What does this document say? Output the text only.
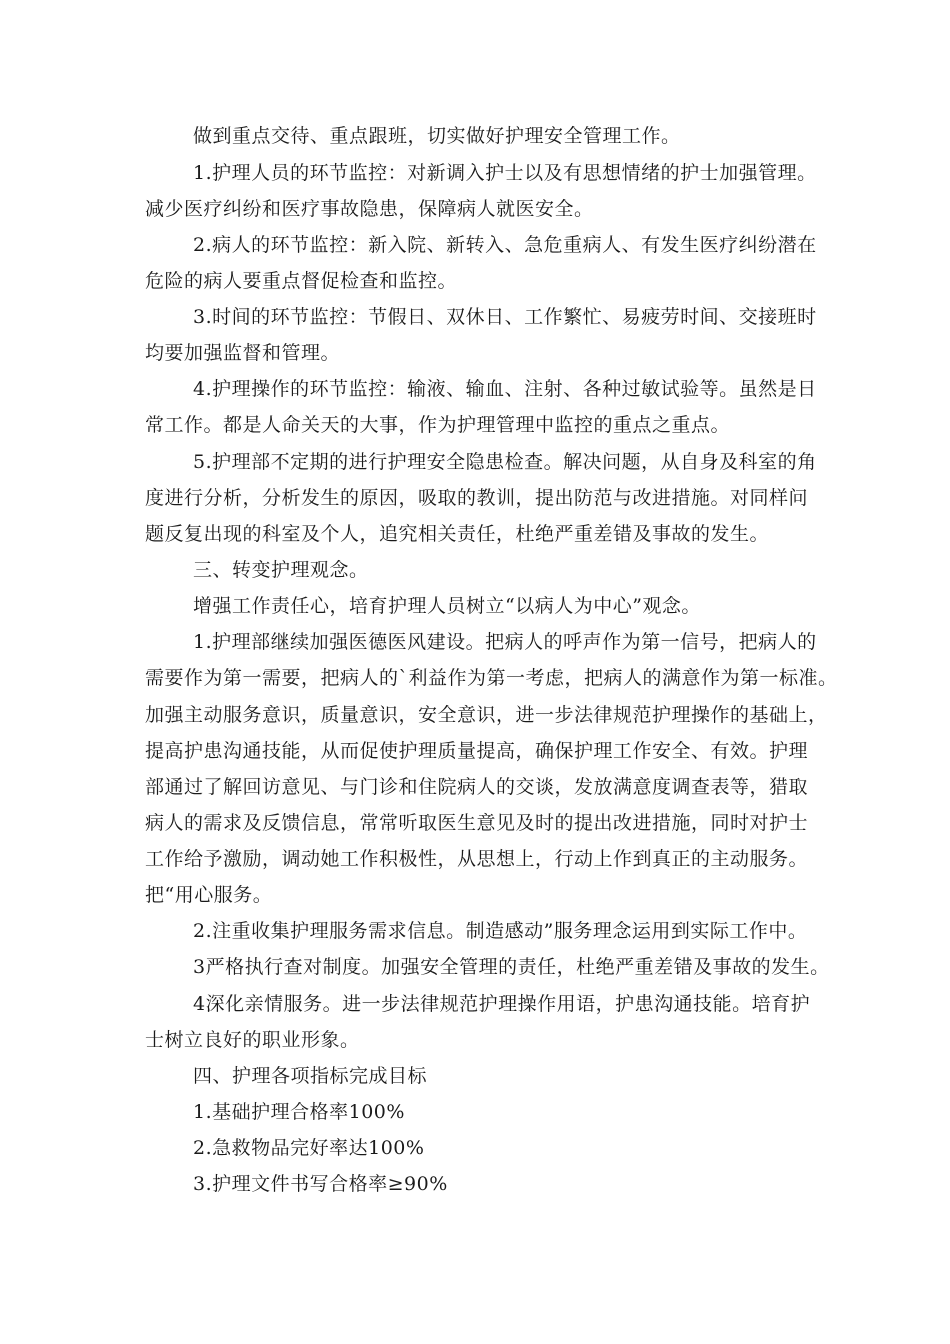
做到重点交待、重点跟班，切实做好护理安全管理工作。
1.护理人员的环节监控：对新调入护士以及有思想情绪的护士加强管理。
减少医疗纠纷和医疗事故隐患，保障病人就医安全。
2.病人的环节监控：新入院、新转入、急危重病人、有发生医疗纠纷潜在
危险的病人要重点督促检查和监控。
3.时间的环节监控：节假日、双休日、工作繁忙、易疲劳时间、交接班时
均要加强监督和管理。
4.护理操作的环节监控：输液、输血、注射、各种过敏试验等。虽然是日
常工作。都是人命关天的大事，作为护理管理中监控的重点之重点。
5.护理部不定期的进行护理安全隐患检查。解决问题，从自身及科室的角
度进行分析，分析发生的原因，吸取的教训，提出防范与改进措施。对同样问
题反复出现的科室及个人，追究相关责任，杜绝严重差错及事故的发生。
三、转变护理观念。
增强工作责任心，培育护理人员树立“以病人为中心”观念。
1.护理部继续加强医德医风建设。把病人的呼声作为第一信号，把病人的
需要作为第一需要，把病人的`利益作为第一考虑，把病人的满意作为第一标准。
加强主动服务意识，质量意识，安全意识，进一步法律规范护理操作的基础上，
提高护患沟通技能，从而促使护理质量提高，确保护理工作安全、有效。护理
部通过了解回访意见、与门诊和住院病人的交谈，发放满意度调查表等，猎取
病人的需求及反馈信息，常常听取医生意见及时的提出改进措施，同时对护士
工作给予激励，调动她工作积极性，从思想上，行动上作到真正的主动服务。
把“用心服务。
2.注重收集护理服务需求信息。制造感动”服务理念运用到实际工作中。
3严格执行查对制度。加强安全管理的责任，杜绝严重差错及事故的发生。
4深化亲情服务。进一步法律规范护理操作用语，护患沟通技能。培育护
士树立良好的职业形象。
四、护理各项指标完成目标
1.基础护理合格率100%
2.急救物品完好率达100%
3.护理文件书写合格率≥90%
